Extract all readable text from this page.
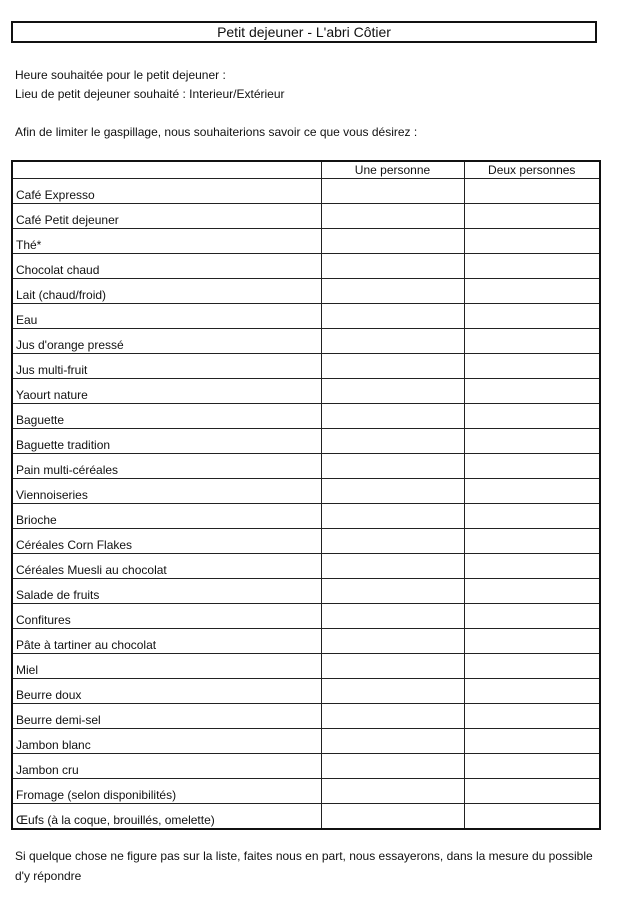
Petit dejeuner - L'abri Côtier
Heure souhaitée pour le petit dejeuner :
Lieu de petit dejeuner souhaité : Interieur/Extérieur
Afin de limiter le gaspillage, nous souhaiterions savoir ce que vous désirez :
	Une personne	Deux personnes
Café Expresso		
Café Petit dejeuner		
Thé*		
Chocolat chaud		
Lait (chaud/froid)		
Eau		
Jus d'orange pressé		
Jus multi-fruit		
Yaourt nature		
Baguette		
Baguette tradition		
Pain multi-céréales		
Viennoiseries		
Brioche		
Céréales Corn Flakes		
Céréales Muesli au chocolat		
Salade de fruits		
Confitures		
Pâte à tartiner au chocolat		
Miel		
Beurre doux		
Beurre demi-sel		
Jambon blanc		
Jambon cru		
Fromage (selon disponibilités)		
Œufs (à la coque, brouillés, omelette)		
Si quelque chose ne figure pas sur la liste, faites nous en part, nous essayerons, dans la mesure du possible d'y répondre
